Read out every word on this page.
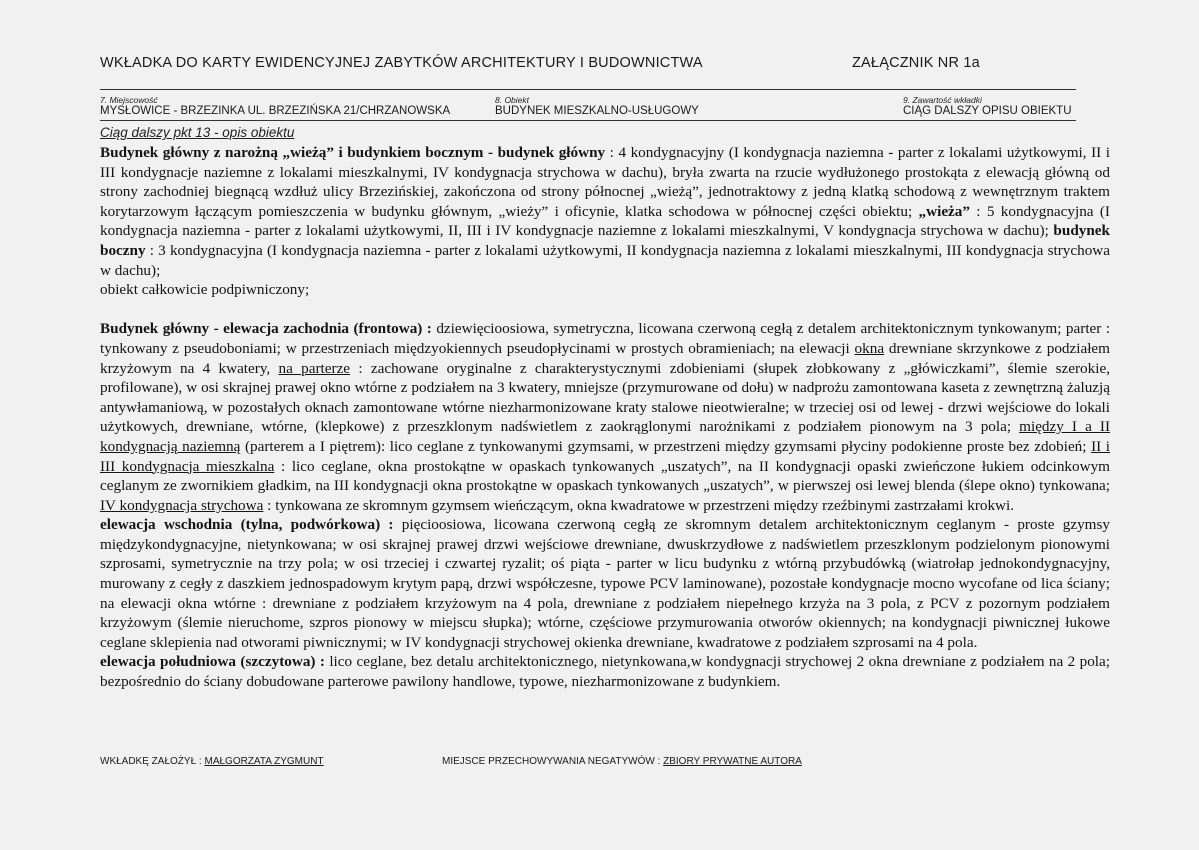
WKŁADKA DO KARTY EWIDENCYJNEJ ZABYTKÓW ARCHITEKTURY I BUDOWNICTWA	ZAŁĄCZNIK NR 1a
7. Miejscowość	8. Obiekt	9. Zawartość wkładki
MYSŁOWICE - BRZEZINKA UL. BRZEZIŃSKA 21/CHRZANOWSKA	BUDYNEK MIESZKALNO-USŁUGOWY	CIĄG DALSZY OPISU OBIEKTU
Ciąg dalszy pkt 13 - opis obiektu

Budynek główny z narożną „wieżą” i budynkiem bocznym - budynek główny : 4 kondygnacyjny (I kondygnacja naziemna - parter z lokalami użytkowymi, II i III kondygnacje naziemne z lokalami mieszkalnymi, IV kondygnacja strychowa w dachu), bryła zwarta na rzucie wydłużonego prostokąta z elewacją główną od strony zachodniej biegnącą wzdłuż ulicy Brzezińskiej, zakończona od strony północnej „wieżą”, jednotraktowy z jedną klatką schodową z wewnętrznym traktem korytarzowym łączącym pomieszczenia w budynku głównym, „wieży” i oficynie, klatka schodowa w północnej części obiektu; „wieża” : 5 kondygnacyjna (I kondygnacja naziemna - parter z lokalami użytkowymi, II, III i IV kondygnacje naziemne z lokalami mieszkalnymi, V kondygnacja strychowa w dachu); budynek boczny : 3 kondygnacyjna (I kondygnacja naziemna - parter z lokalami użytkowymi, II kondygnacja naziemna z lokalami mieszkalnymi, III kondygnacja strychowa w dachu);

obiekt całkowicie podpiwniczony;

Budynek główny - elewacja zachodnia (frontowa) : dziewięcioosiowa, symetryczna, licowana czerwoną cegłą z detalem architektonicznym tynkowanym; parter : tynkowany z pseudoboniami; w przestrzeniach międzyokiennych pseudopłycinami w prostych obramieniach; na elewacji okna drewniane skrzynkowe z podziałem krzyżowym na 4 kwatery, na parterze : zachowane oryginalne z charakterystycznymi zdobieniami (słupek złobkowany z „główiczkami”, ślemie szerokie, profilowane), w osi skrajnej prawej okno wtórne z podziałem na 3 kwatery, mniejsze (przymurowane od dołu) w nadprożu zamontowana kaseta z zewnętrzną żaluzją antywłamaniową, w pozostałych oknach zamontowane wtórne niezharmonizowane kraty stalowe nieotwieralne; w trzeciej osi od lewej - drzwi wejściowe do lokali użytkowych, drewniane, wtórne, (klepkowe) z przeszklonym nadświetlem z zaokrąglonymi narożnikami z podziałem pionowym na 3 pola; między I a II kondygnacją naziemną (parterem a I piętrem): lico ceglane z tynkowanymi gzymsami, w przestrzeni między gzymsami płyciny podokienne proste bez zdobień; II i III kondygnacja mieszkalna : lico ceglane, okna prostokątne w opaskach tynkowanych „uszatych”, na II kondygnacji opaski zwieńczone łukiem odcinkowym ceglanym ze zwornikiem gładkim, na III kondygnacji okna prostokątne w opaskach tynkowanych „uszatych”, w pierwszej osi lewej blenda (ślepe okno) tynkowana; IV kondygnacja strychowa : tynkowana ze skromnym gzymsem wieńczącym, okna kwadratowe w przestrzeni między rzeźbinymi zastrzałami krokwi.

elewacja wschodnia (tylna, podwórkowa) : pięcioosiowa, licowana czerwoną cegłą ze skromnym detalem architektonicznym ceglanym - proste gzymsy międzykondygnacyjne, nietynkowana; w osi skrajnej prawej drzwi wejściowe drewniane, dwuskrzydłowe z nadświetlem przeszklonym podzielonym pionowymi szprosami, symetrycznie na trzy pola; w osi trzeciej i czwartej ryzalit; oś piąta - parter w licu budynku z wtórną przybudówką (wiatrołap jednokondygnacyjny, murowany z cegły z daszkiem jednospadowym krytym papą, drzwi współczesne, typowe PCV laminowane), pozostałe kondygnacje mocno wycofane od lica ściany; na elewacji okna wtórne : drewniane z podziałem krzyżowym na 4 pola, drewniane z podziałem niepełnego krzyża na 3 pola, z PCV z pozornym podziałem krzyżowym (ślemie nieruchome, szpros pionowy w miejscu słupka); wtórne, częściowe przymurowania otworów okiennych; na kondygnacji piwnicznej łukowe ceglane sklepienia nad otworami piwnicznymi; w IV kondygnacji strychowej okienka drewniane, kwadratowe z podziałem szprosami na 4 pola.

elewacja południowa (szczytowa) : lico ceglane, bez detalu architektonicznego, nietynkowana,w kondygnacji strychowej 2 okna drewniane z podziałem na 2 pola; bezpośrednio do ściany dobudowane parterowe pawilony handlowe, typowe, niezharmonizowane z budynkiem.

WKŁADKĘ ZAŁOŻYŁ : MAŁGORZATA ZYGMUNT	MIEJSCE PRZECHOWYWANIA NEGATYWÓW : ZBIORY PRYWATNE AUTORA
